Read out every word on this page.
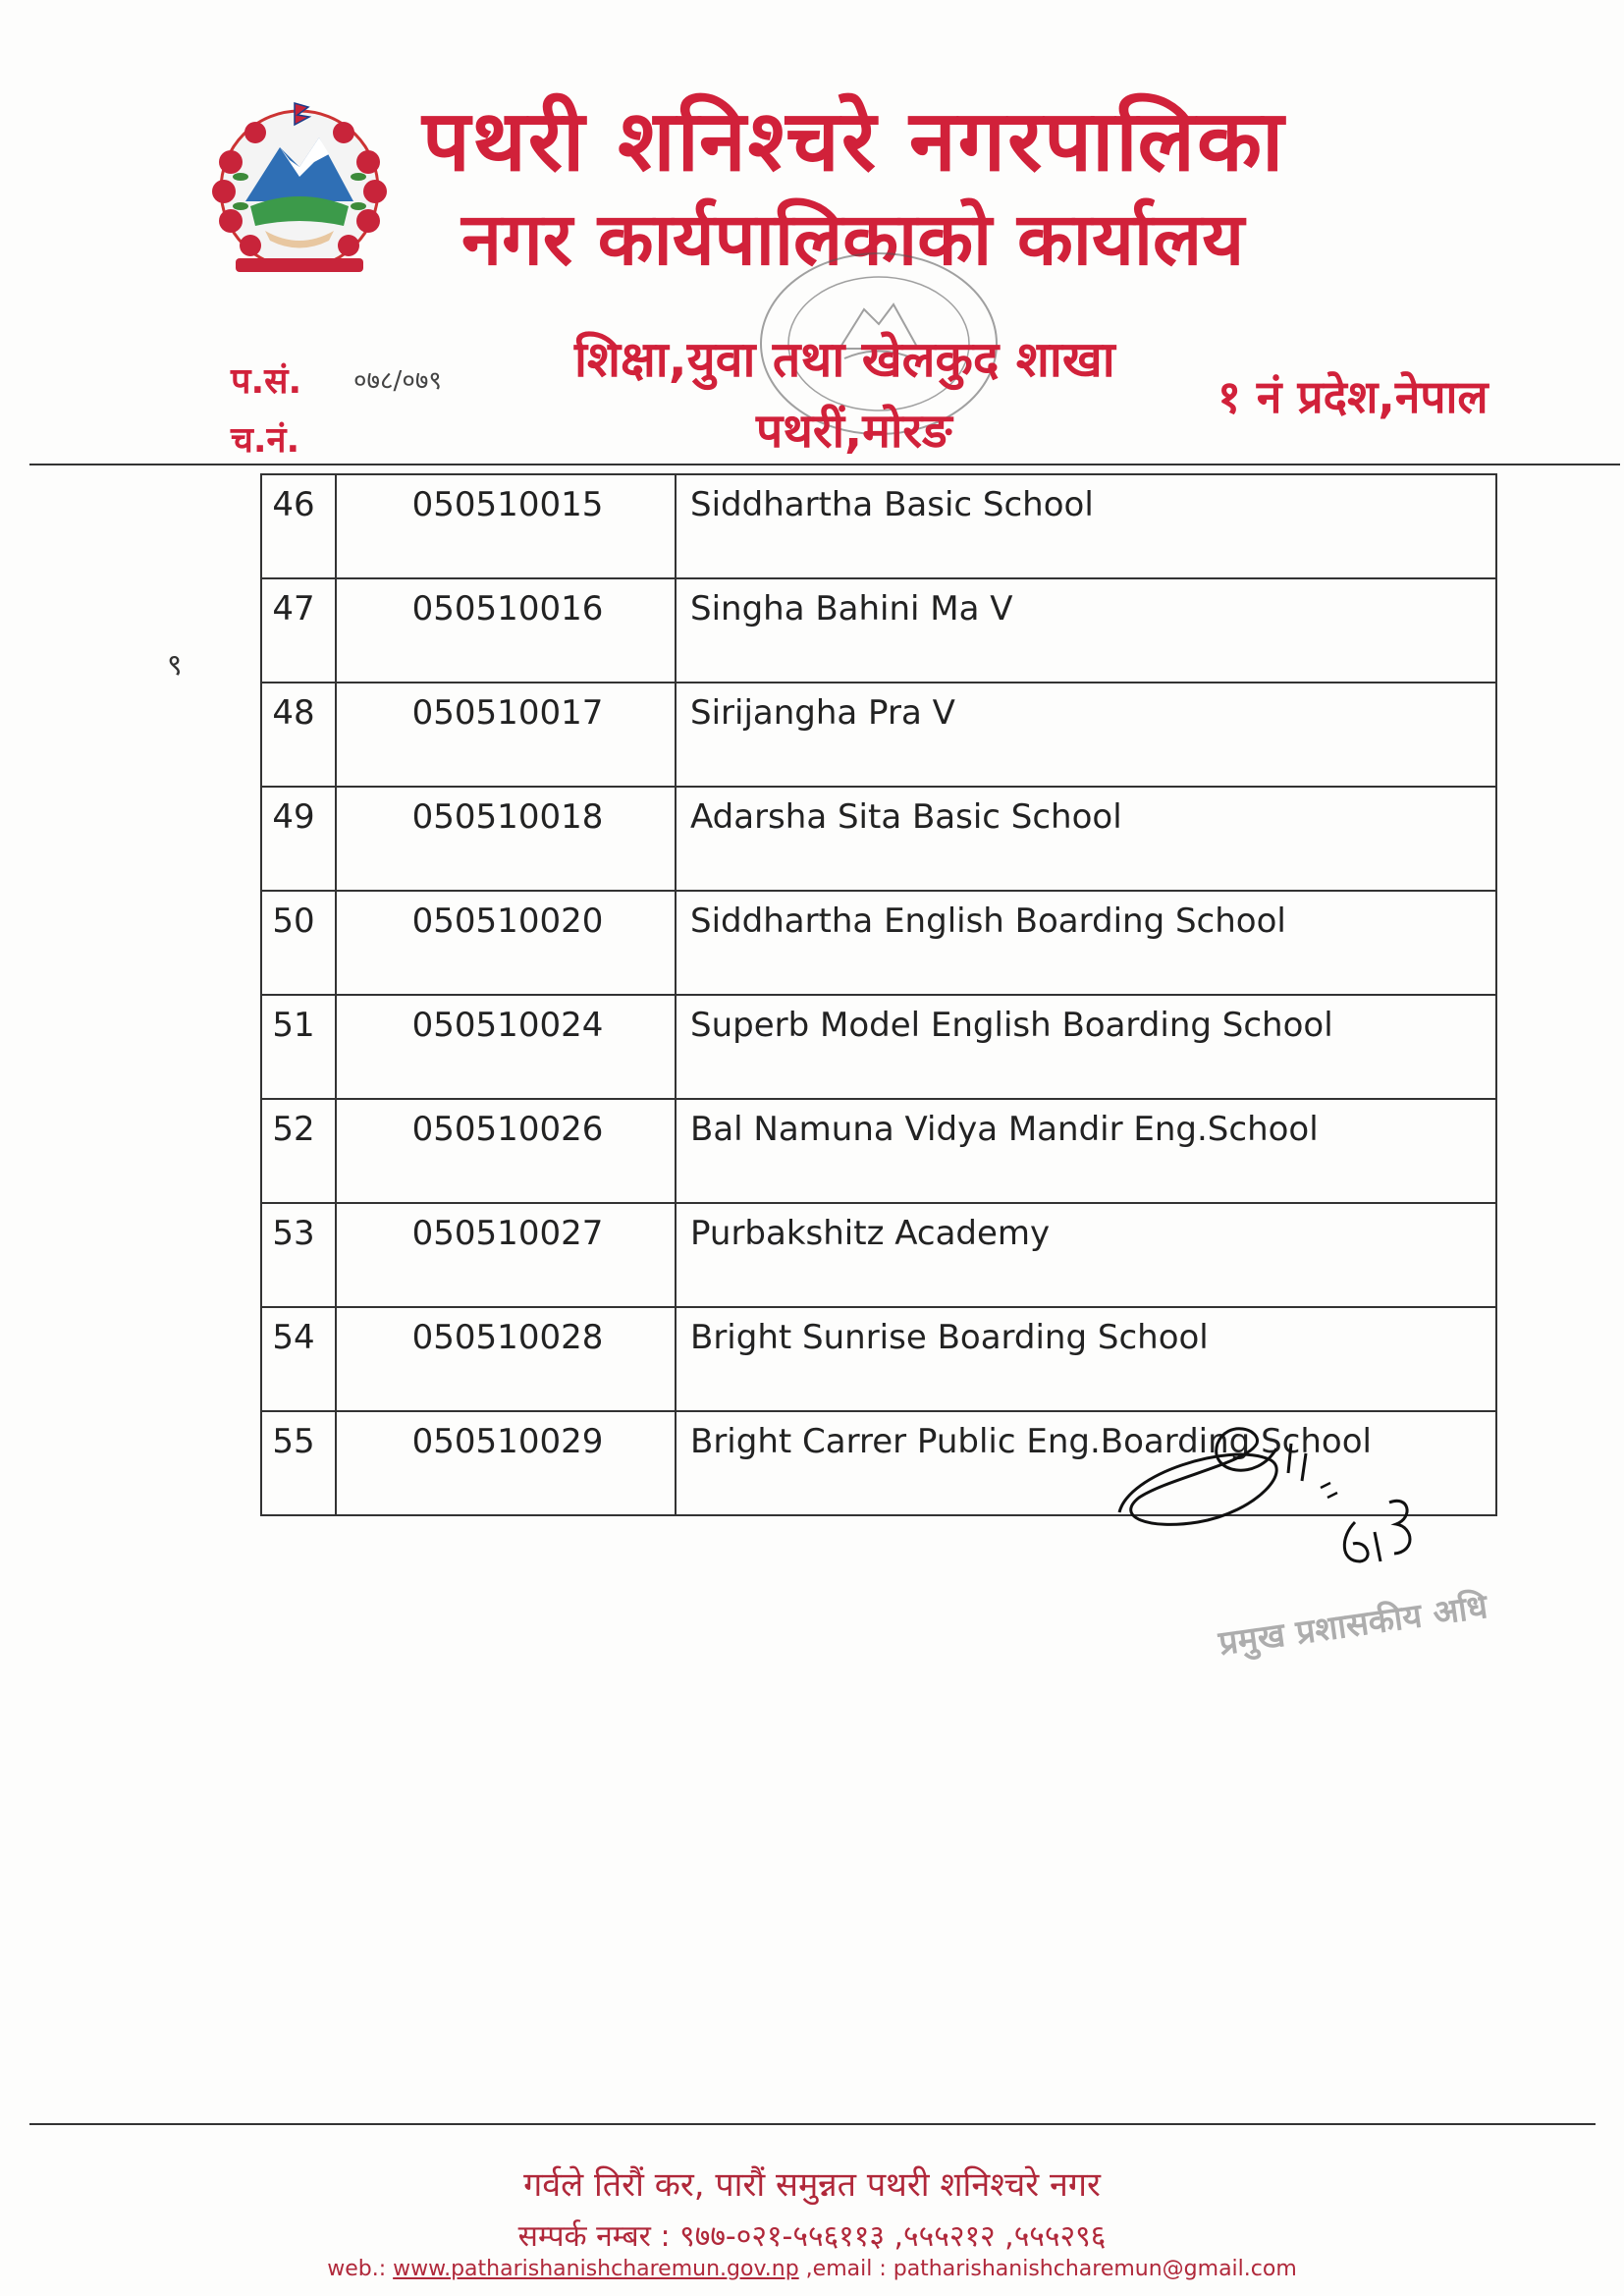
पथरी शनिश्चरे नगरपालिका
नगर कार्यपालिकाको कार्यालय
प.सं. ०७८/०७९
च.नं.
शिक्षा,युवा तथा खेलकुद शाखा
पथरीं,मोरङ
१ नं प्रदेश,नेपाल
९
46	050510015	Siddhartha Basic School
47	050510016	Singha Bahini Ma V
48	050510017	Sirijangha Pra V
49	050510018	Adarsha Sita Basic School
50	050510020	Siddhartha English Boarding School
51	050510024	Superb Model English Boarding School
52	050510026	Bal Namuna Vidya Mandir Eng.School
53	050510027	Purbakshitz Academy
54	050510028	Bright Sunrise Boarding School
55	050510029	Bright Carrer Public Eng.Boarding School
प्रमुख प्रशासकीय अधि
गर्वले तिरौं कर, पारौं समुन्नत पथरी शनिश्चरे नगर
सम्पर्क नम्बर : ९७७-०२१-५५६११३ ,५५५२१२ ,५५५२९६
web.: www.patharishanishcharemun.gov.np ,email : patharishanishcharemun@gmail.com
